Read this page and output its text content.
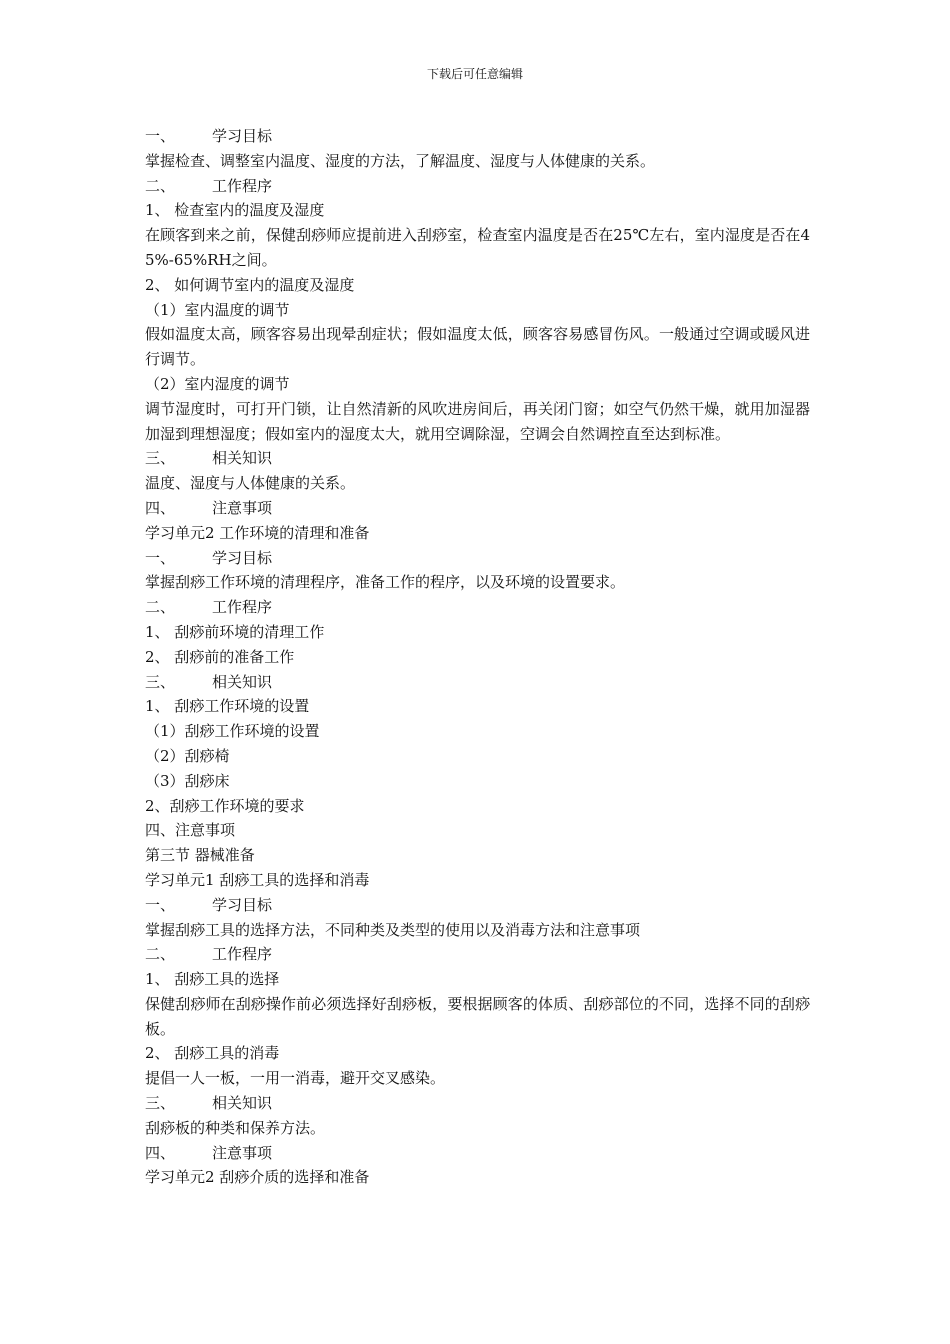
下载后可任意编辑

一、 学习目标

掌握检查、调整室内温度、湿度的方法，了解温度、湿度与人体健康的关系。

二、 工作程序

1、 检查室内的温度及湿度

在顾客到来之前，保健刮痧师应提前进入刮痧室，检查室内温度是否在25℃左右，室内湿度是否在45%-65%RH之间。

2、 如何调节室内的温度及湿度

（1）室内温度的调节

假如温度太高，顾客容易出现晕刮症状；假如温度太低，顾客容易感冒伤风。一般通过空调或暖风进行调节。

（2）室内湿度的调节

调节湿度时，可打开门锁，让自然清新的风吹进房间后，再关闭门窗；如空气仍然干燥，就用加湿器加湿到理想湿度；假如室内的湿度太大，就用空调除湿，空调会自然调控直至达到标准。

三、 相关知识

温度、湿度与人体健康的关系。

四、 注意事项

学习单元2 工作环境的清理和准备

一、 学习目标

掌握刮痧工作环境的清理程序，准备工作的程序，以及环境的设置要求。

二、 工作程序

1、 刮痧前环境的清理工作

2、 刮痧前的准备工作

三、 相关知识

1、 刮痧工作环境的设置

（1）刮痧工作环境的设置

（2）刮痧椅

（3）刮痧床

2、刮痧工作环境的要求

四、注意事项

第三节 器械准备

学习单元1 刮痧工具的选择和消毒

一、 学习目标

掌握刮痧工具的选择方法，不同种类及类型的使用以及消毒方法和注意事项

二、 工作程序

1、 刮痧工具的选择

保健刮痧师在刮痧操作前必须选择好刮痧板，要根据顾客的体质、刮痧部位的不同，选择不同的刮痧板。

2、 刮痧工具的消毒

提倡一人一板，一用一消毒，避开交叉感染。

三、 相关知识

刮痧板的种类和保养方法。

四、 注意事项

学习单元2 刮痧介质的选择和准备
